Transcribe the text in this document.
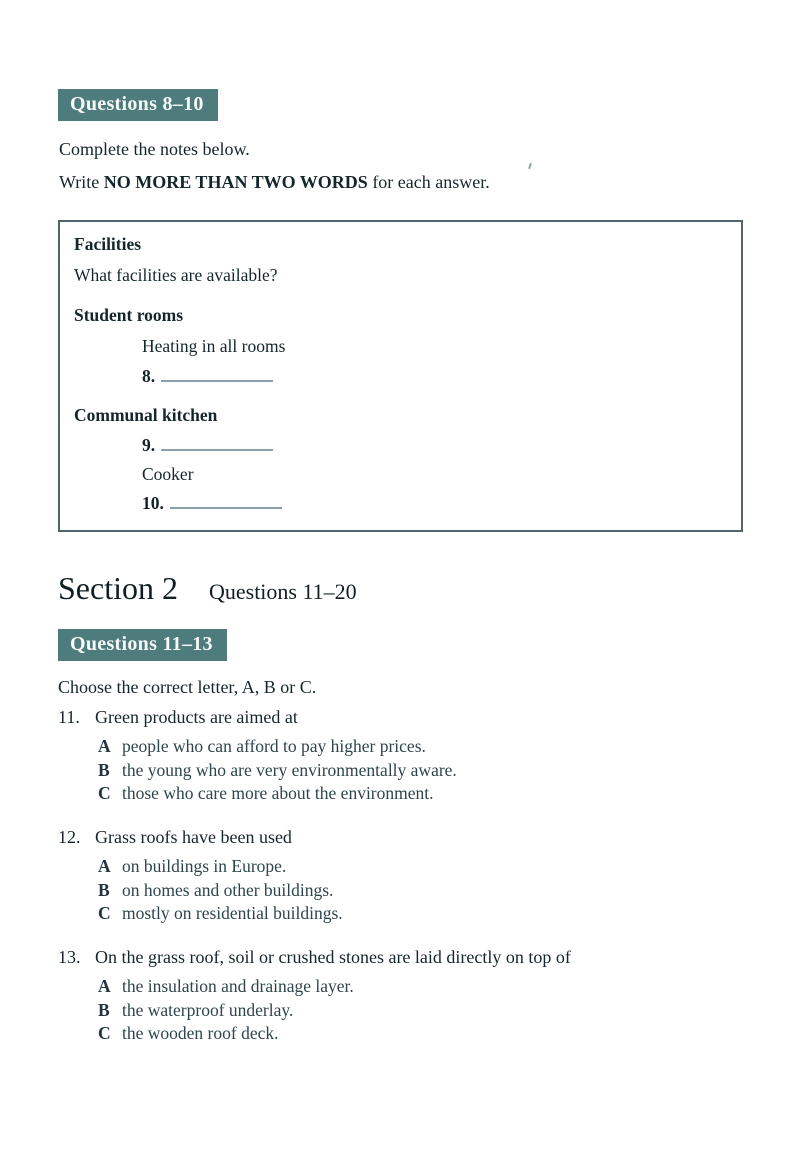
Questions 8–10
Complete the notes below.
Write NO MORE THAN TWO WORDS for each answer.
Facilities
What facilities are available?
Student rooms
Heating in all rooms
8.
Communal kitchen
9.
Cooker
10.
Section 2 Questions 11–20
Questions 11–13
Choose the correct letter, A, B or C.
11. Green products are aimed at
A people who can afford to pay higher prices.
B the young who are very environmentally aware.
C those who care more about the environment.
12. Grass roofs have been used
A on buildings in Europe.
B on homes and other buildings.
C mostly on residential buildings.
13. On the grass roof, soil or crushed stones are laid directly on top of
A the insulation and drainage layer.
B the waterproof underlay.
C the wooden roof deck.
